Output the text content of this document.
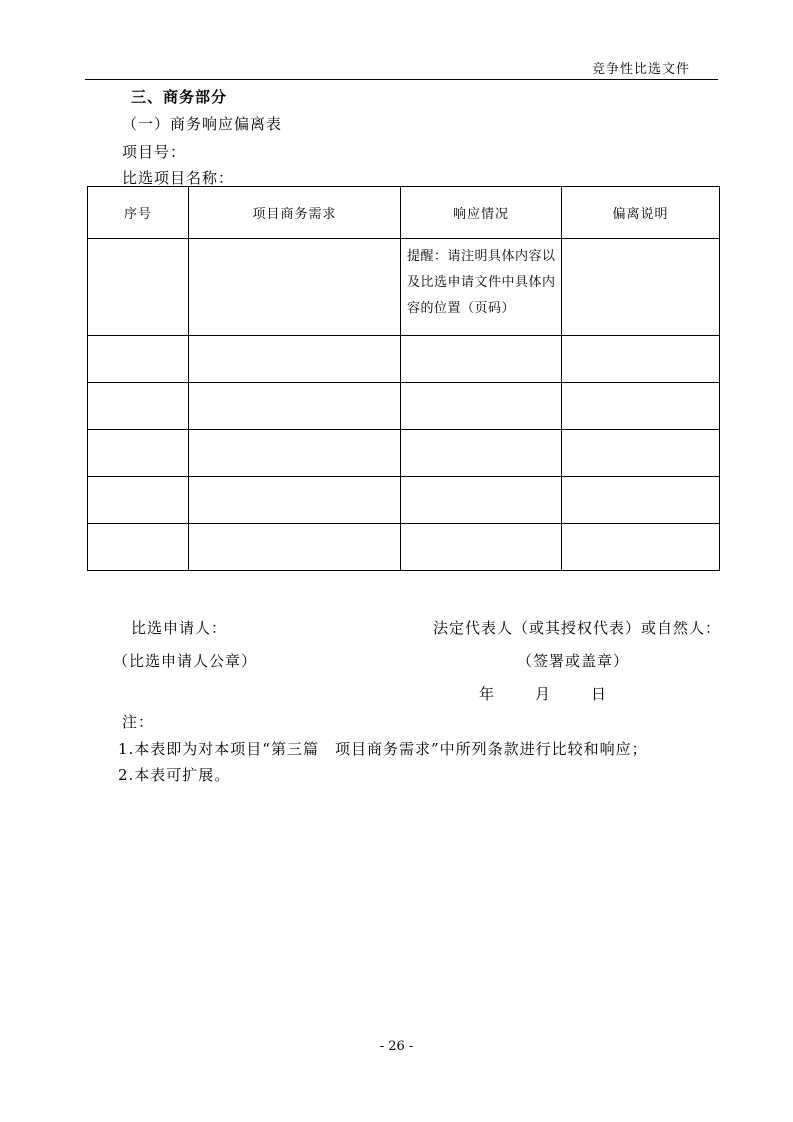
竞争性比选文件
三、商务部分
（一）商务响应偏离表
项目号：
比选项目名称：
序号	项目商务需求	响应情况	偏离说明
		提醒：请注明具体内容以及比选申请文件中具体内容的位置（页码）	

比选申请人：	法定代表人（或其授权代表）或自然人：
（比选申请人公章）	（签署或盖章）
年	月	日
注：
1.本表即为对本项目“第三篇　项目商务需求”中所列条款进行比较和响应；
2.本表可扩展。
- 26 -
